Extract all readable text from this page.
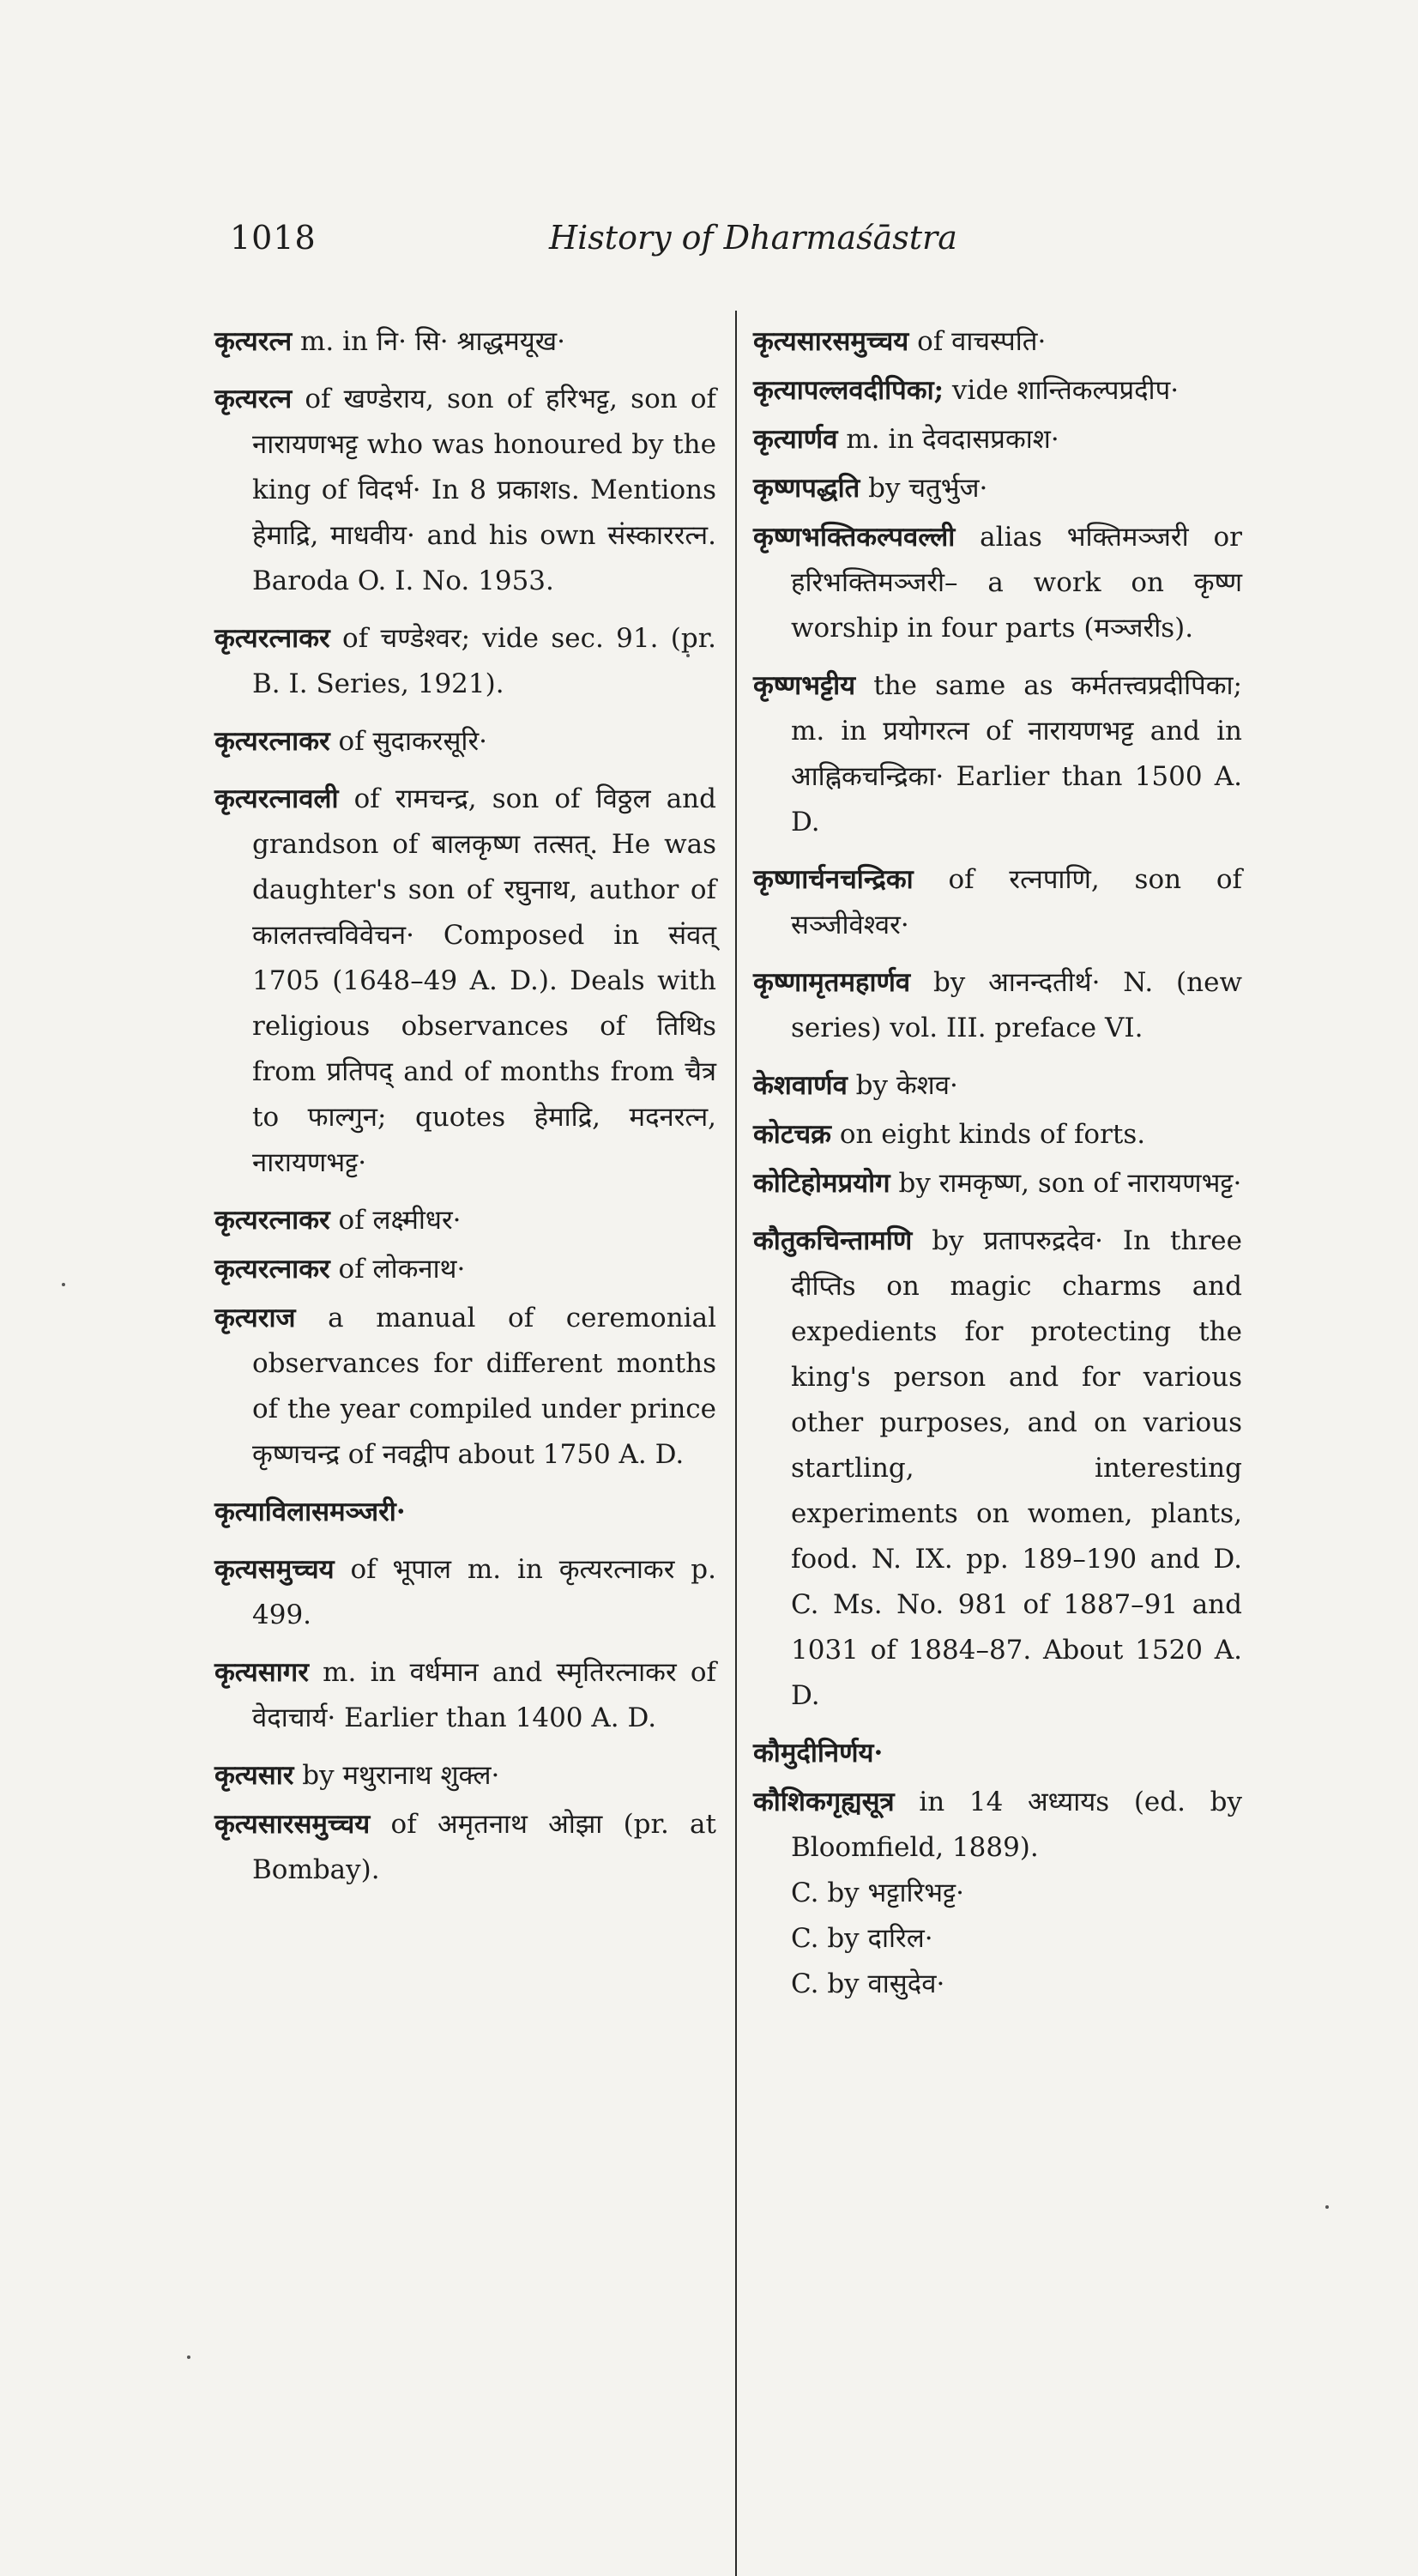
1018	History of Dharmaśāstra

कृत्यरत्न m. in नि· सि· श्राद्धमयूख·

कृत्यरत्न of खण्डेराय, son of हरिभट्ट, son of नारायणभट्ट who was honoured by the king of विदर्भ· In 8 प्रकाशs. Mentions हेमाद्रि, माधवीय· and his own संस्काररत्न. Baroda O. I. No. 1953.

कृत्यरत्नाकर of चण्डेश्वर; vide sec. 91. (pr. B. I. Series, 1921).

कृत्यरत्नाकर of सुदाकरसूरि·

कृत्यरत्नावली of रामचन्द्र, son of विठ्ठल and grandson of बालकृष्ण तत्सत्. He was daughter's son of रघुनाथ, author of कालतत्त्वविवेचन· Composed in संवत् 1705 (1648–49 A. D.). Deals with religious observances of तिथिs from प्रतिपद् and of months from चैत्र to फाल्गुन; quotes हेमाद्रि, मदनरत्न, नारायणभट्ट·

कृत्यरत्नाकर of लक्ष्मीधर·

कृत्यरत्नाकर of लोकनाथ·

कृत्यराज a manual of ceremonial observances for different months of the year compiled under prince कृष्णचन्द्र of नवद्वीप about 1750 A. D.

कृत्याविलासमञ्जरी·

कृत्यसमुच्चय of भूपाल m. in कृत्यरत्नाकर p. 499.

कृत्यसागर m. in वर्धमान and स्मृतिरत्नाकर of वेदाचार्य· Earlier than 1400 A. D.

कृत्यसार by मथुरानाथ शुक्ल·

कृत्यसारसमुच्चय of अमृतनाथ ओझा (pr. at Bombay).

कृत्यसारसमुच्चय of वाचस्पति·

कृत्यापल्लवदीपिका; vide शान्तिकल्पप्रदीप·

कृत्यार्णव m. in देवदासप्रकाश·

कृष्णपद्धति by चतुर्भुज·

कृष्णभक्तिकल्पवल्ली alias भक्तिमञ्जरी or हरिभक्तिमञ्जरी– a work on कृष्ण worship in four parts (मञ्जरीs).

कृष्णभट्टीय the same as कर्मतत्त्वप्रदीपिका; m. in प्रयोगरत्न of नारायणभट्ट and in आह्निकचन्द्रिका· Earlier than 1500 A. D.

कृष्णार्चनचन्द्रिका of रत्नपाणि, son of सञ्जीवेश्वर·

कृष्णामृतमहार्णव by आनन्दतीर्थ· N. (new series) vol. III. preface VI.

केशवार्णव by केशव·

कोटचक्र on eight kinds of forts.

कोटिहोमप्रयोग by रामकृष्ण, son of नारायणभट्ट·

कौतुकचिन्तामणि by प्रतापरुद्रदेव· In three दीप्तिs on magic charms and expedients for protecting the king's person and for various other purposes, and on various startling, interesting experiments on women, plants, food. N. IX. pp. 189–190 and D. C. Ms. No. 981 of 1887–91 and 1031 of 1884–87. About 1520 A. D.

कौमुदीनिर्णय·

कौशिकगृह्यसूत्र in 14 अध्यायs (ed. by Bloomfield, 1889).

C. by भट्टारिभट्ट·

C. by दारिल·

C. by वासुदेव·
